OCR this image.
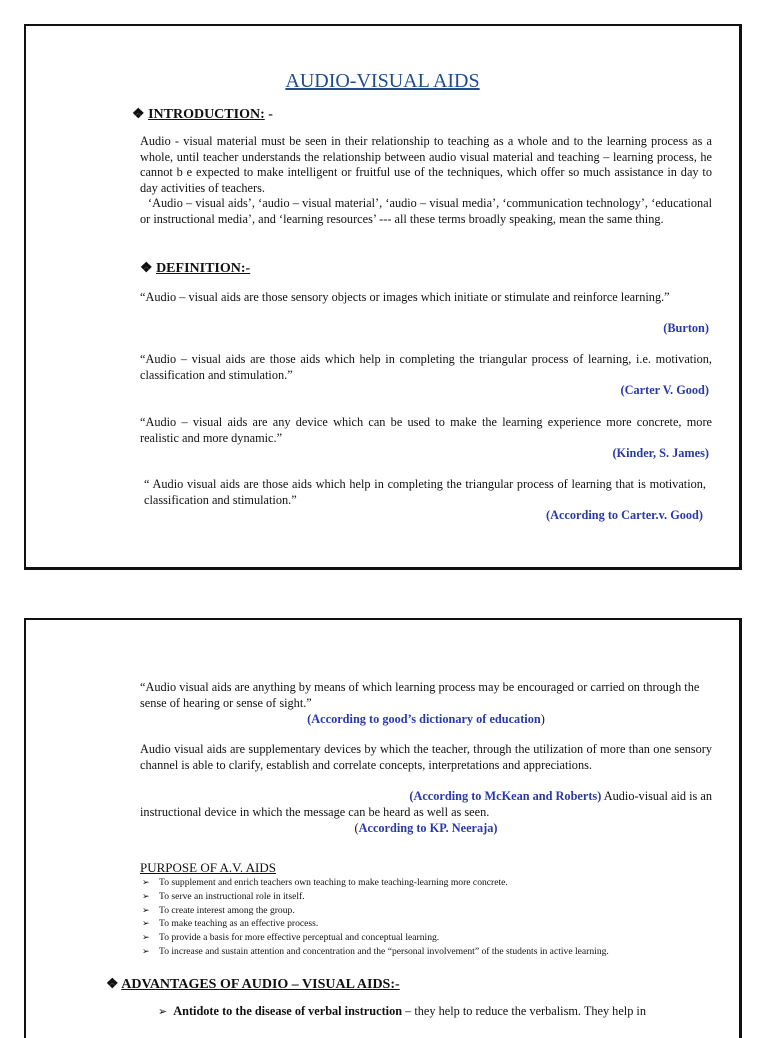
AUDIO-VISUAL AIDS
❖ INTRODUCTION: -

Audio - visual material must be seen in their relationship to teaching as a whole and to the learning process as a whole, until teacher understands the relationship between audio visual material and teaching – learning process, he cannot b e expected to make intelligent or fruitful use of the techniques, which offer so much assistance in day to day activities of teachers.

‘Audio – visual aids’, ‘audio – visual material’, ‘audio – visual media’, ‘communication technology’, ‘educational or instructional media’, and ‘learning resources’ --- all these terms broadly speaking, mean the same thing.

❖ DEFINITION:-

“Audio – visual aids are those sensory objects or images which initiate or stimulate and reinforce learning.”

(Burton)

“Audio – visual aids are those aids which help in completing the triangular process of learning, i.e. motivation, classification and stimulation.”

(Carter V. Good)

“Audio – visual aids are any device which can be used to make the learning experience more concrete, more realistic and more dynamic.”

(Kinder, S. James)

“ Audio visual aids are those aids which help in completing the triangular process of learning that is motivation, classification and stimulation.”

(According to Carter.v. Good)

“Audio visual aids are anything by means of which learning process may be encouraged or carried on through the sense of hearing or sense of sight.”

(According to good’s dictionary of education)

Audio visual aids are supplementary devices by which the teacher, through the utilization of more than one sensory channel is able to clarify, establish and correlate concepts, interpretations and appreciations.

(According to McKean and Roberts) Audio-visual aid is an

instructional device in which the message can be heard as well as seen.

(According to KP. Neeraja)
PURPOSE OF A.V. AIDS
➢ To supplement and enrich teachers own teaching to make teaching-learning more concrete.
➢ To serve an instructional role in itself.
➢ To create interest among the group.
➢ To make teaching as an effective process.
➢ To provide a basis for more effective perceptual and conceptual learning.
➢ To increase and sustain attention and concentration and the “personal involvement” of the students in active learning.
❖ ADVANTAGES OF AUDIO – VISUAL AIDS:-
➢ Antidote to the disease of verbal instruction – they help to reduce the verbalism. They help in
